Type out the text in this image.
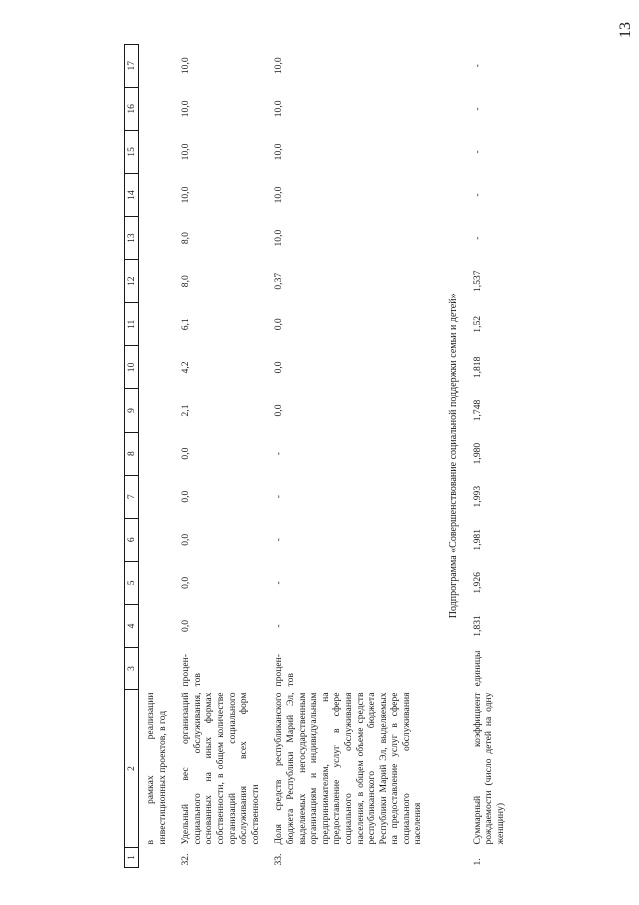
13
1	2	3	4	5	6	7	8	9	10	11	12	13	14	15	16	17
	в рамках реализации инвестиционных проектов, в год															
32.	Удельный вес организаций социального обслуживания, основанных на иных формах собственности, в общем количестве организаций социального обслуживания всех форм собственности	процен-тов	0,0	0,0	0,0	0,0	0,0	2,1	4,2	6,1	8,0	8,0	10,0	10,0	10,0	10,0
33.	Доля средств республиканского бюджета Республики Марий Эл, выделяемых негосударственным организациям и индивидуальным предпринимателям, на предоставление услуг в сфере социального обслуживания населения, в общем объеме средств республиканского бюджета Республики Марий Эл, выделяемых на предоставление услуг в сфере социального обслуживания населения	процен-тов	-	-	-	-	-	0,0	0,0	0,0	0,37	10,0	10,0	10,0	10,0	10,0
Подпрограмма «Совершенствование социальной поддержки семьи и детей»																
1.	Суммарный коэффициент рождаемости (число детей на одну женщину)	единицы	1,831	1,926	1,981	1,993	1,980	1,748	1,818	1,52	1,537	-	-	-	-	-
